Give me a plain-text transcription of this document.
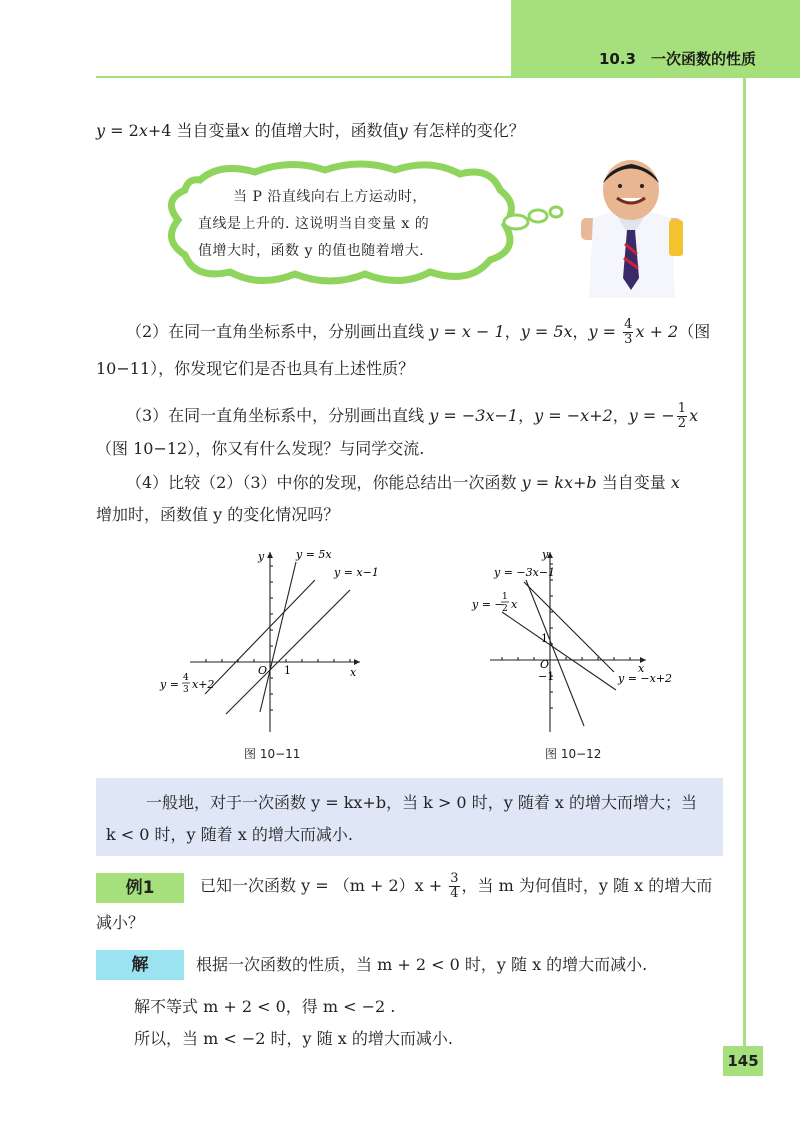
10.3　一次函数的性质
y = 2x+4 当自变量x 的值增大时，函数值y 有怎样的变化？
当 P 沿直线向右上方运动时，
直线是上升的. 这说明当自变量 x 的
值增大时，函数 y 的值也随着增大.
（2）在同一直角坐标系中，分别画出直线 y = x − 1，y = 5x，$y = \frac{4}{3}$ x + 2（图
10−11），你发现它们是否也具有上述性质？
（3）在同一直角坐标系中，分别画出直线 y = −3x−1，y = −x+2，y = − $\frac{1}{2}$ x
（图 10−12），你又有什么发现？与同学交流.
（4）比较（2）（3）中你的发现，你能总结出一次函数 y = kx+b 当自变量 x
增加时，函数值 y 的变化情况吗？
y
x
O 1
y = 5x
y = x−1
y = 4
3 x+2
图 10−11
y
x
O
1
−1
y = −3x−1
y = −
1
2 x
y = −x+2
图 10−12
一般地，对于一次函数 y = kx+b，当 k > 0 时，y 随着 x 的增大而增大；当
k < 0 时，y 随着 x 的增大而减小.
例1	已知一次函数 $y = (m + 2)x + \frac{3}{4}$ ，当 m 为何值时，y 随 x 的增大而
减小？
解	根据一次函数的性质，当 m + 2 < 0 时，y 随 x 的增大而减小.
解不等式 m + 2 < 0，得 m < −2 .
所以，当 m < −2 时，y 随 x 的增大而减小.
145
